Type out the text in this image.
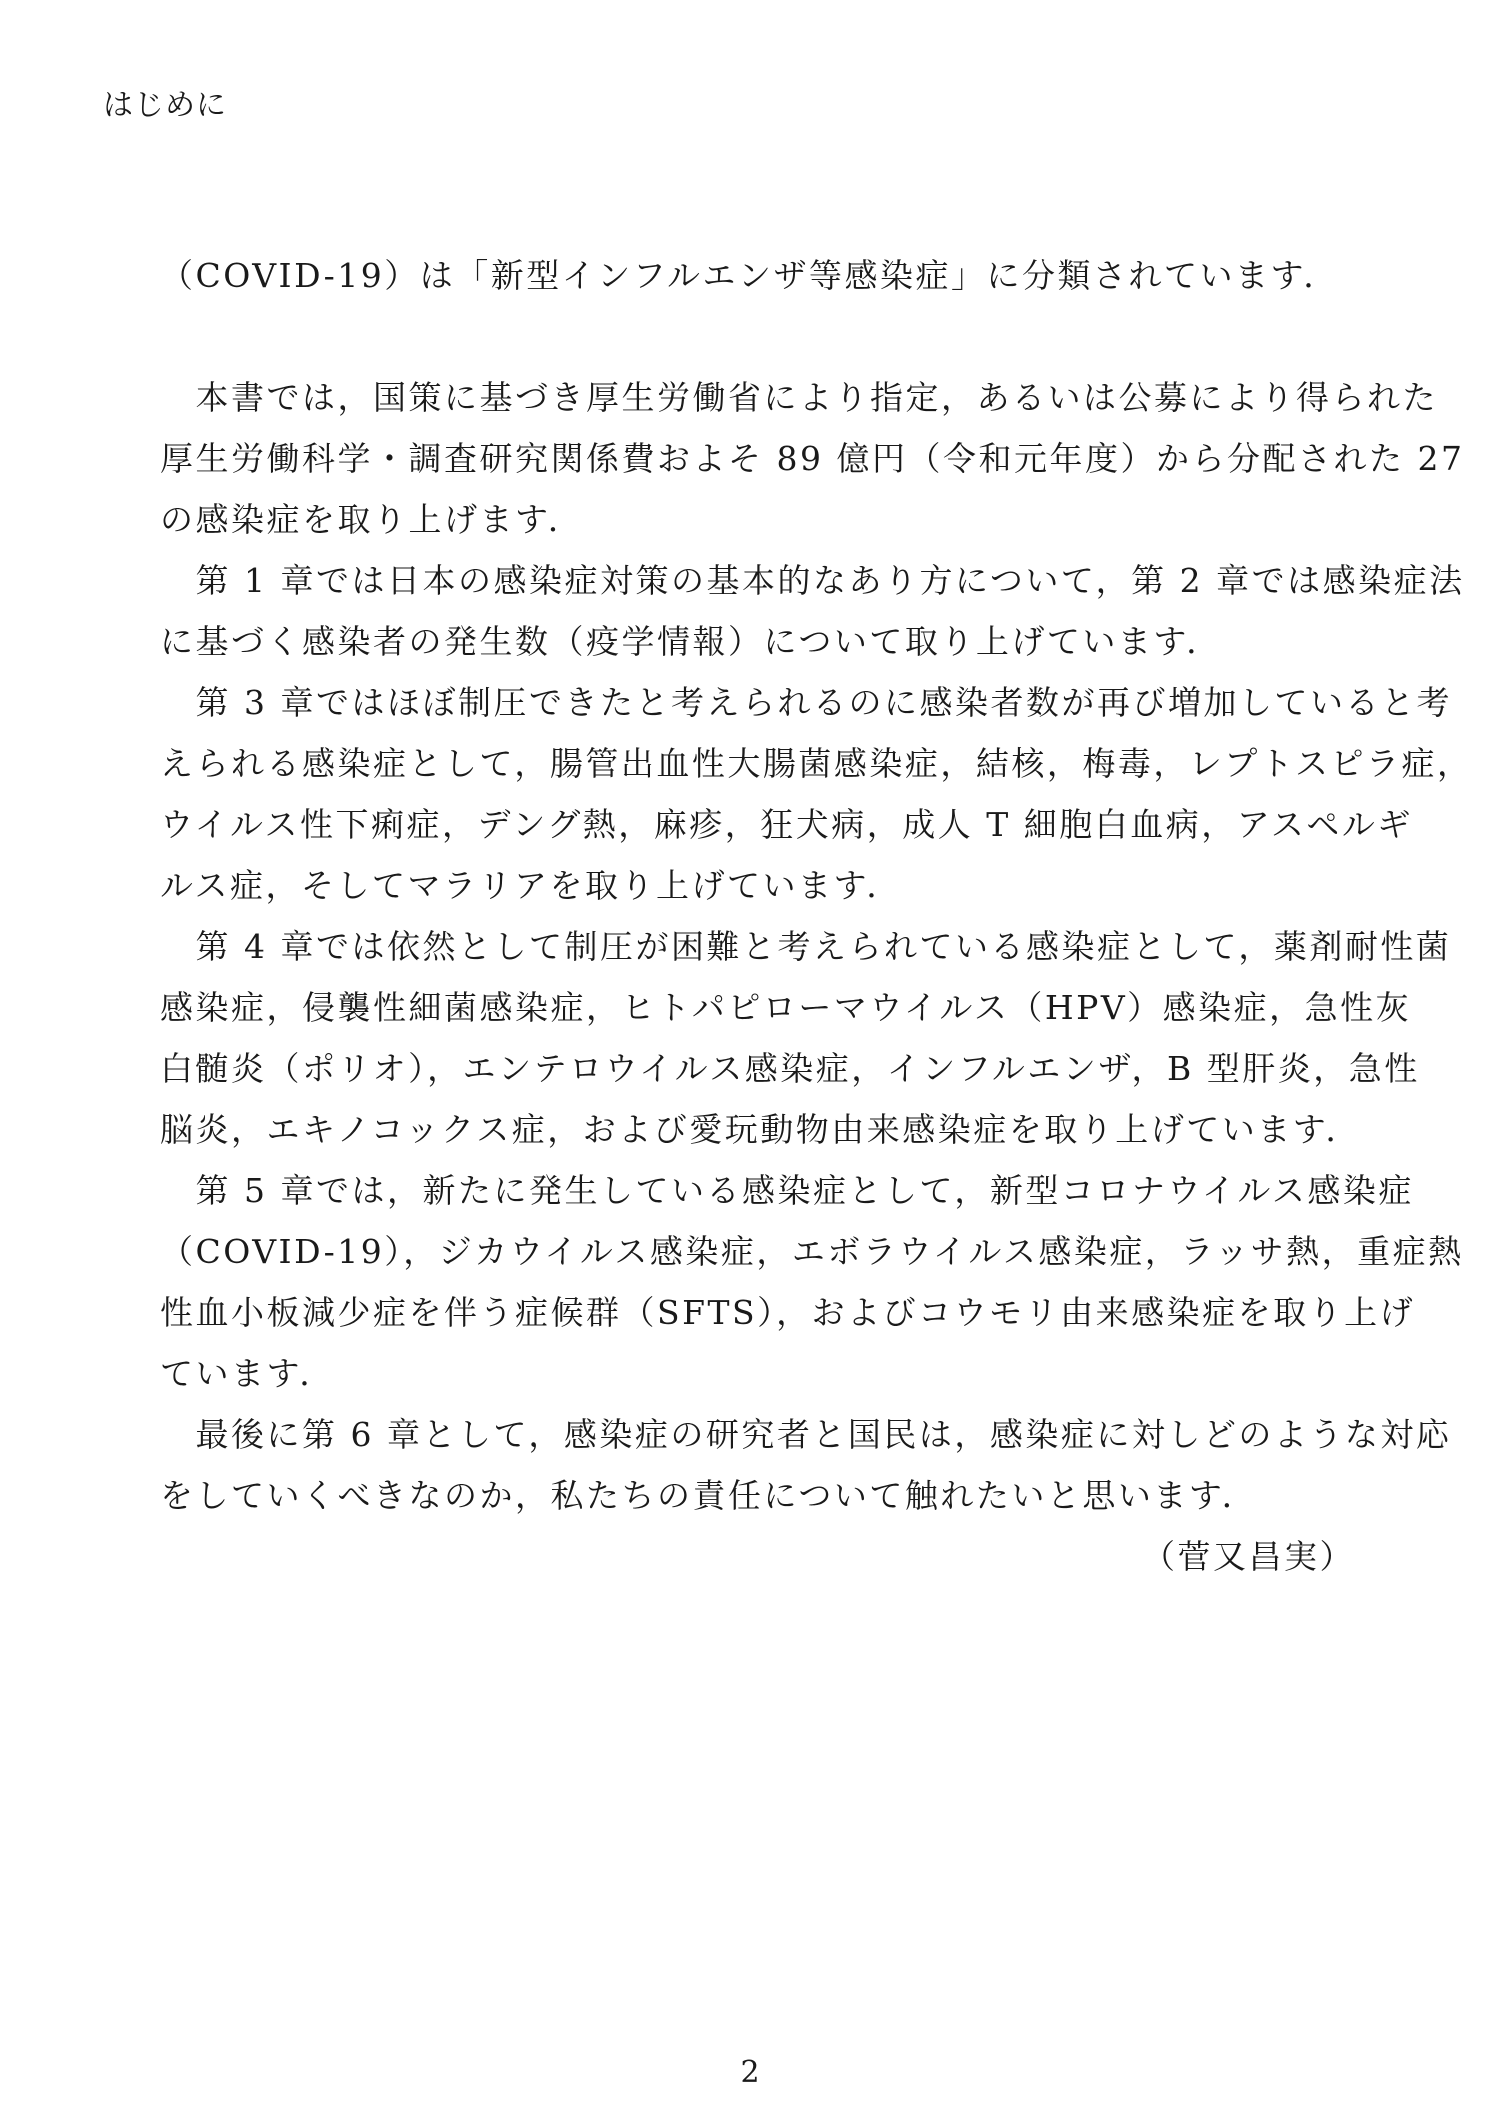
はじめに
（COVID-19）は「新型インフルエンザ等感染症」に分類されています．
　本書では，国策に基づき厚生労働省により指定，あるいは公募により得られた
厚生労働科学・調査研究関係費およそ 89 億円（令和元年度）から分配された 27
の感染症を取り上げます．
　第 1 章では日本の感染症対策の基本的なあり方について，第 2 章では感染症法
に基づく感染者の発生数（疫学情報）について取り上げています．
　第 3 章ではほぼ制圧できたと考えられるのに感染者数が再び増加していると考
えられる感染症として，腸管出血性大腸菌感染症，結核，梅毒，レプトスピラ症，
ウイルス性下痢症，デング熱，麻疹，狂犬病，成人 T 細胞白血病，アスペルギ
ルス症，そしてマラリアを取り上げています．
　第 4 章では依然として制圧が困難と考えられている感染症として，薬剤耐性菌
感染症，侵襲性細菌感染症，ヒトパピローマウイルス（HPV）感染症，急性灰
白髄炎（ポリオ），エンテロウイルス感染症，インフルエンザ，B 型肝炎，急性
脳炎，エキノコックス症，および愛玩動物由来感染症を取り上げています．
　第 5 章では，新たに発生している感染症として，新型コロナウイルス感染症
（COVID-19），ジカウイルス感染症，エボラウイルス感染症，ラッサ熱，重症熱
性血小板減少症を伴う症候群（SFTS），およびコウモリ由来感染症を取り上げ
ています．
　最後に第 6 章として，感染症の研究者と国民は，感染症に対しどのような対応
をしていくべきなのか，私たちの責任について触れたいと思います．
（菅又昌実）
2
